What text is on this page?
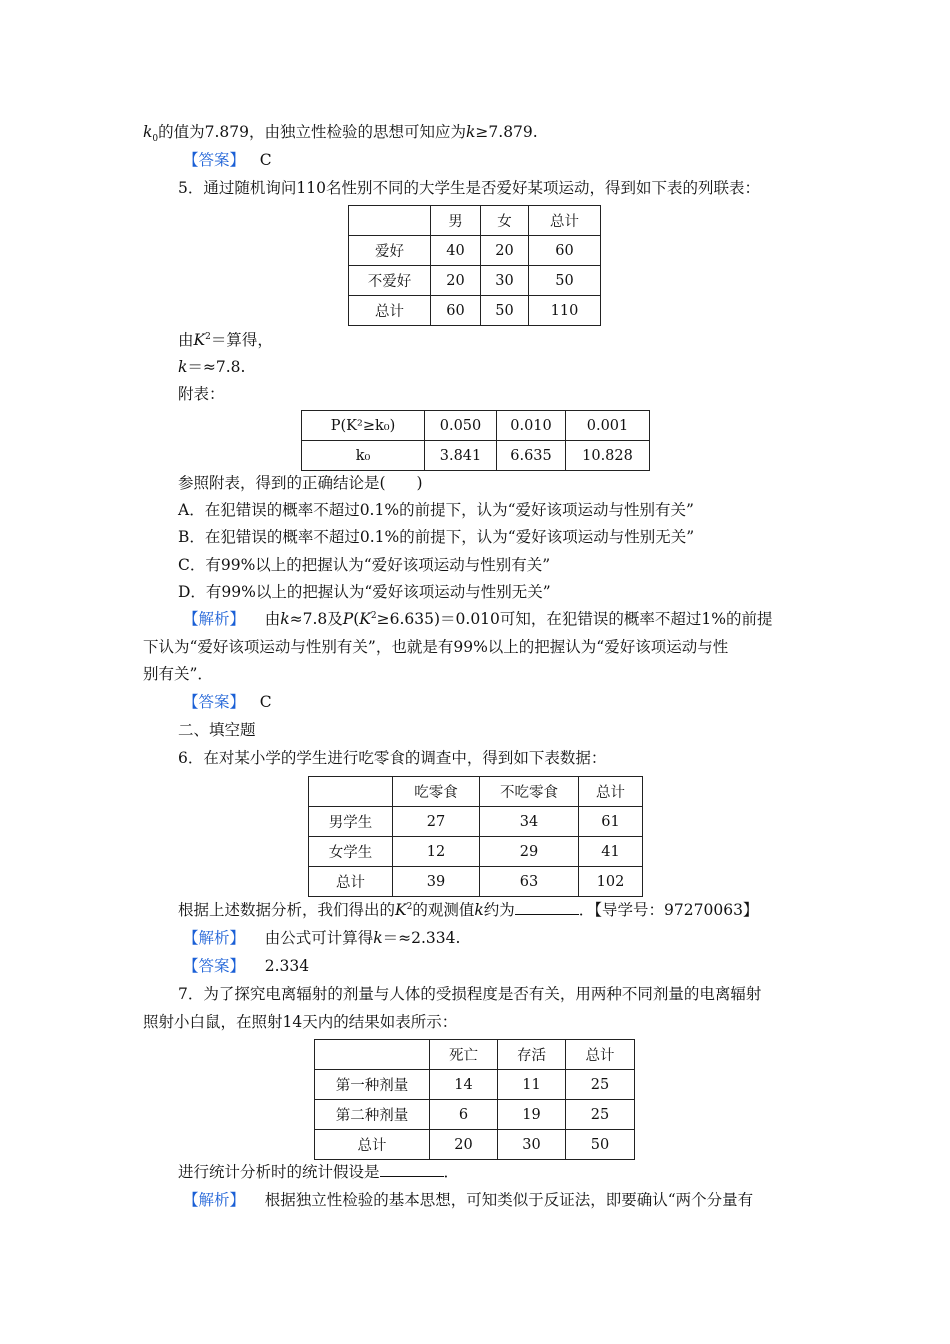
$k_0$的值为7.879，由独立性检验的思想可知应为k≥7.879.
【答案】 C
5．通过随机询问110名性别不同的大学生是否爱好某项运动，得到如下表的列联表：
	男	女	总计
爱好	40	20	60
不爱好	20	30	50
总计	60	50	110
由$K^2=$算得，
k＝≈7.8.
附表：
P(K²≥k₀)	0.050	0.010	0.001
k₀	3.841	6.635	10.828
参照附表，得到的正确结论是(　　)
A．在犯错误的概率不超过0.1%的前提下，认为“爱好该项运动与性别有关”
B．在犯错误的概率不超过0.1%的前提下，认为“爱好该项运动与性别无关”
C．有99%以上的把握认为“爱好该项运动与性别有关”
D．有99%以上的把握认为“爱好该项运动与性别无关”
【解析】 由k≈7.8及$P(K^2\ge 6.635)=0.010$可知，在犯错误的概率不超过1%的前提
下认为“爱好该项运动与性别有关”，也就是有99%以上的把握认为“爱好该项运动与性
别有关”．
【答案】 C
二、填空题
6．在对某小学的学生进行吃零食的调查中，得到如下表数据：
	吃零食	不吃零食	总计
男学生	27	34	61
女学生	12	29	41
总计	39	63	102
根据上述数据分析，我们得出的$K^2$的观测值k约为	．【导学号：97270063】
【解析】 由公式可计算得k＝≈2.334.
【答案】 2.334
7．为了探究电离辐射的剂量与人体的受损程度是否有关，用两种不同剂量的电离辐射
照射小白鼠，在照射14天内的结果如表所示：
	死亡	存活	总计
第一种剂量	14	11	25
第二种剂量	6	19	25
总计	20	30	50
进行统计分析时的统计假设是	．
【解析】 根据独立性检验的基本思想，可知类似于反证法，即要确认“两个分量有
